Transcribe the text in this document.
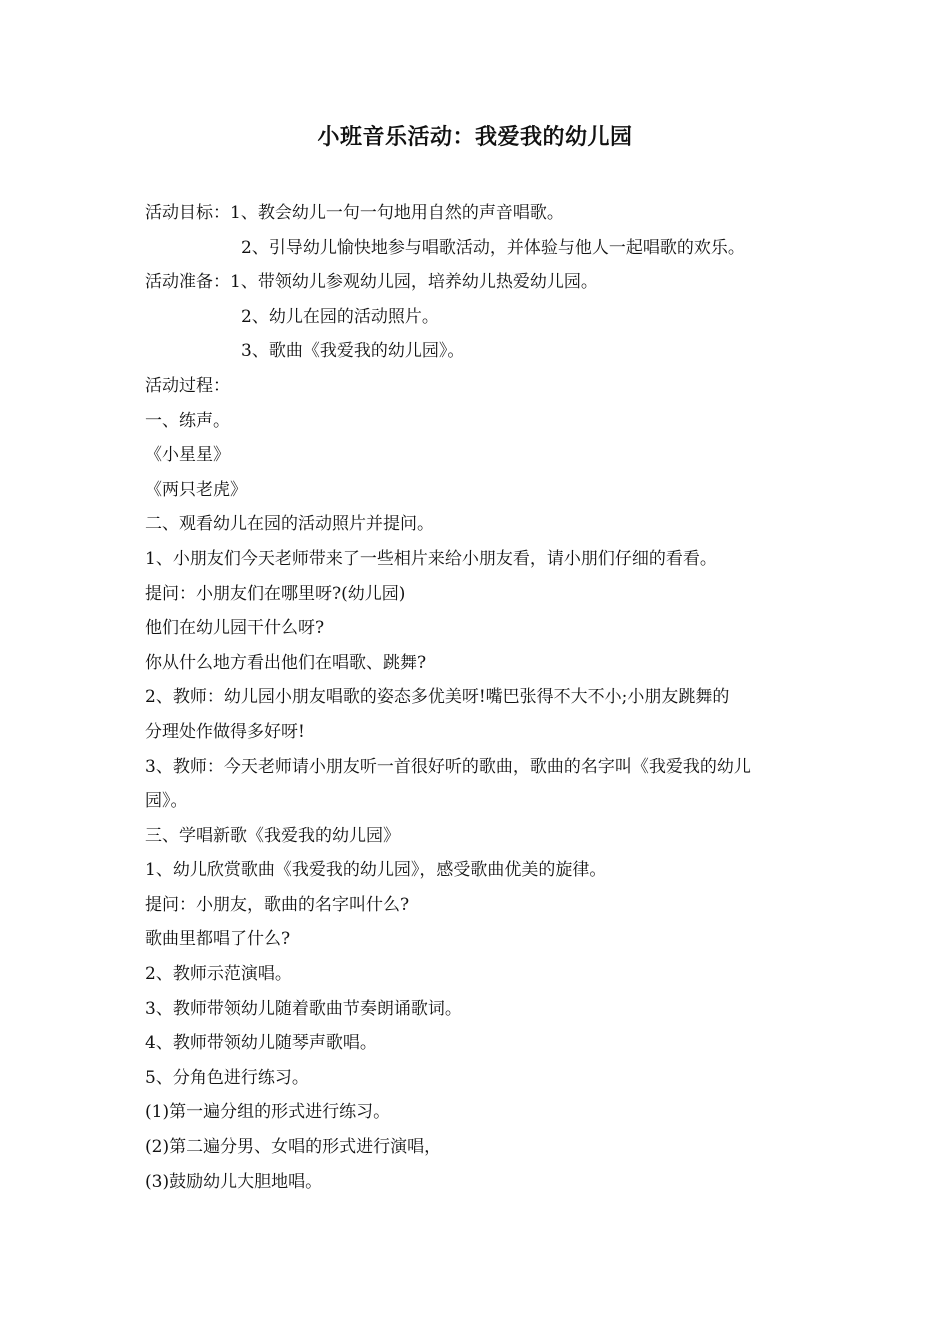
小班音乐活动：我爱我的幼儿园
活动目标：1、教会幼儿一句一句地用自然的声音唱歌。
2、引导幼儿愉快地参与唱歌活动，并体验与他人一起唱歌的欢乐。
活动准备：1、带领幼儿参观幼儿园，培养幼儿热爱幼儿园。
2、幼儿在园的活动照片。
3、歌曲《我爱我的幼儿园》。
活动过程：
一、练声。
《小星星》
《两只老虎》
二、观看幼儿在园的活动照片并提问。
1、小朋友们今天老师带来了一些相片来给小朋友看，请小朋们仔细的看看。
提问：小朋友们在哪里呀?(幼儿园)
他们在幼儿园干什么呀?
你从什么地方看出他们在唱歌、跳舞?
2、教师：幼儿园小朋友唱歌的姿态多优美呀!嘴巴张得不大不小;小朋友跳舞的
分理处作做得多好呀!
3、教师：今天老师请小朋友听一首很好听的歌曲，歌曲的名字叫《我爱我的幼儿
园》。
三、学唱新歌《我爱我的幼儿园》
1、幼儿欣赏歌曲《我爱我的幼儿园》，感受歌曲优美的旋律。
提问：小朋友，歌曲的名字叫什么?
歌曲里都唱了什么?
2、教师示范演唱。
3、教师带领幼儿随着歌曲节奏朗诵歌词。
4、教师带领幼儿随琴声歌唱。
5、分角色进行练习。
(1)第一遍分组的形式进行练习。
(2)第二遍分男、女唱的形式进行演唱，
(3)鼓励幼儿大胆地唱。
